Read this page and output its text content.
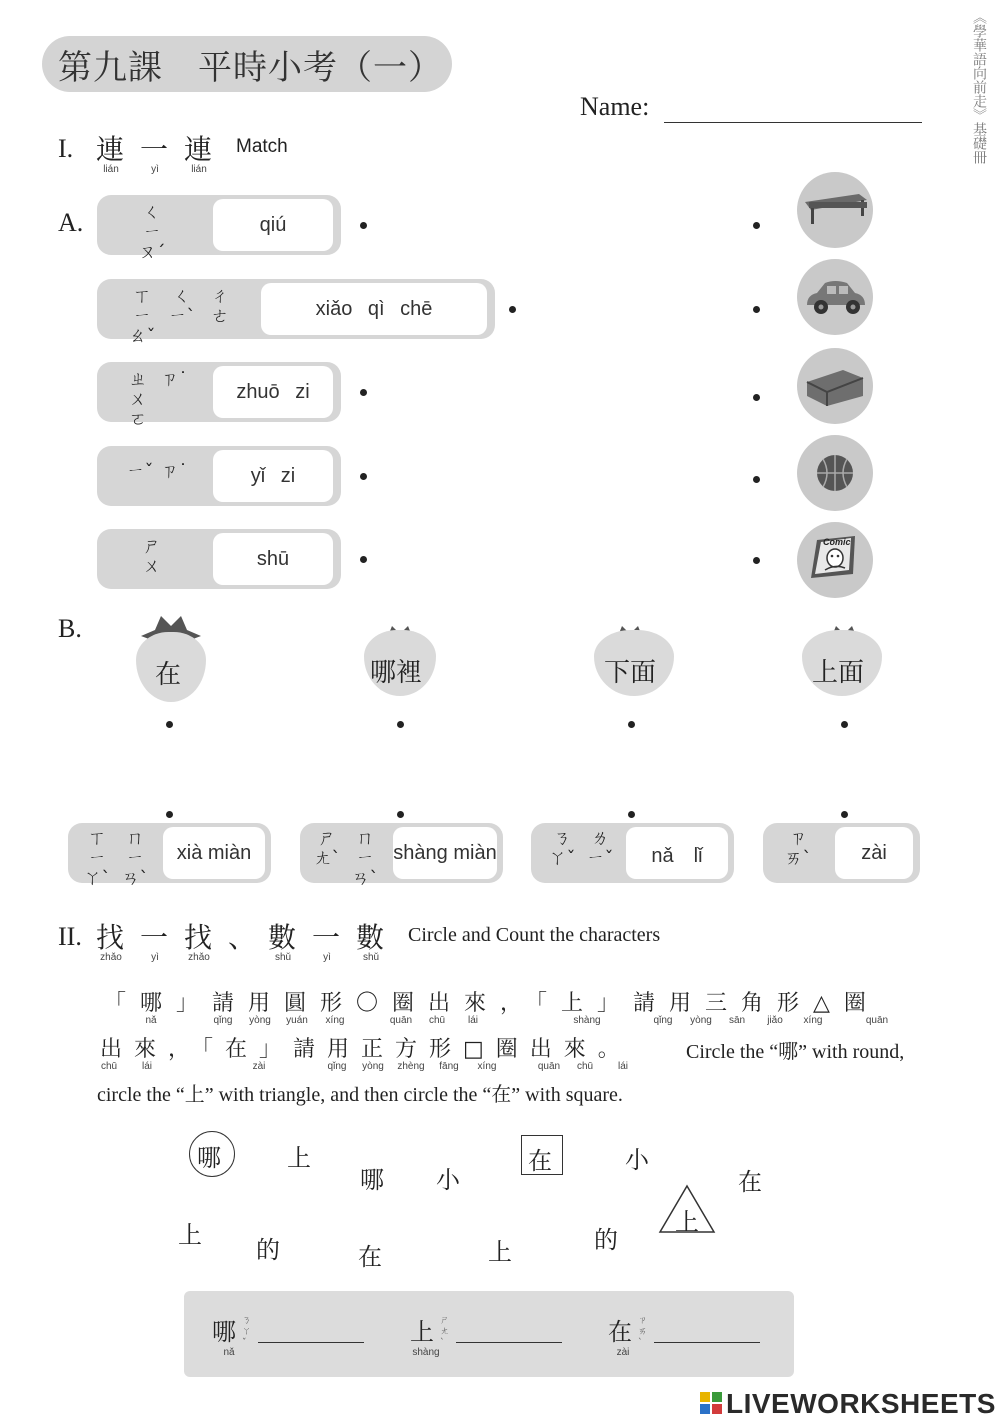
第九課　平時小考（一）	《學華語向前走》基礎冊
Name:
I. 連 一 連
lián	yì	lián
Match
A.	ㄑㄧㄡˊ
qiú
ㄒㄧㄠˇ
ㄑㄧˋ
ㄔㄜ	xiǎo qì chē
ㄓㄨㄛ
ㄗ˙
zhuō zi
ㄧˇ ㄗ˙	yǐ zi
ㄕㄨ	shū
Comic
B.
在	哪裡	下面	上面
ㄒㄧㄚˋ
ㄇㄧㄢˋ
xià miàn
ㄕㄤˋ
ㄇㄧㄢˋ
shàng miàn
ㄋㄚˇ
ㄌㄧˇ	nǎ　lǐ
ㄗㄞˋ	zài
II. 找 一 找 、 數 一 數
zhǎo	yì	zhǎo	shǔ	yì	shǔ
Circle and Count the characters
「哪」請用圓形〇圈出來，「上」請用三角形△圈
nǎ	qǐng	yòng	yuán	xíng	quān	chū	lái	shàng	qǐng	yòng	sān	jiǎo	xíng	quān
出來，「在」請用正方形□圈出來。
chū	lái	zài	qǐng	yòng	zhèng	fāng	xíng	quān	chū	lái
Circle the “哪” with round,
circle the “上” with triangle, and then circle the “在” with square.
哪	上
哪 小
在	小
在
上
的	在	上	的
上
哪 ㄋㄚˇ
nǎ
上 ㄕㄤˋ
shàng
在 ㄗㄞˋ
zài
LIVEWORKSHEETS
